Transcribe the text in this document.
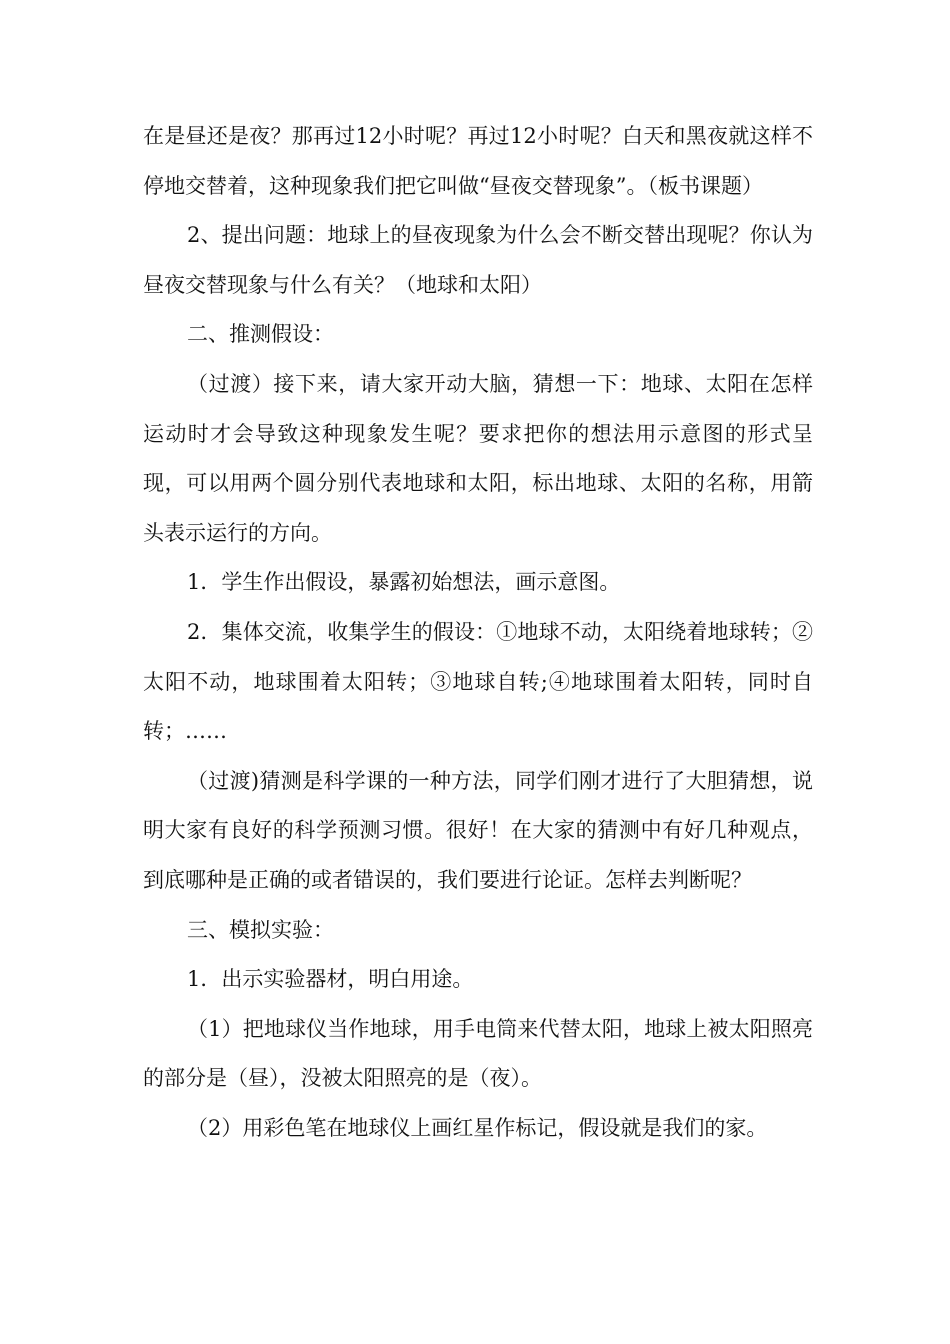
在是昼还是夜？那再过12小时呢？再过12小时呢？白天和黑夜就这样不停地交替着，这种现象我们把它叫做“昼夜交替现象”。（板书课题）

2、提出问题：地球上的昼夜现象为什么会不断交替出现呢？你认为昼夜交替现象与什么有关？（地球和太阳）

二、推测假设：

（过渡）接下来，请大家开动大脑，猜想一下：地球、太阳在怎样运动时才会导致这种现象发生呢？要求把你的想法用示意图的形式呈现，可以用两个圆分别代表地球和太阳，标出地球、太阳的名称，用箭头表示运行的方向。

1．学生作出假设，暴露初始想法，画示意图。

2．集体交流，收集学生的假设：①地球不动，太阳绕着地球转；②太阳不动，地球围着太阳转；③地球自转;④地球围着太阳转，同时自转；……

（过渡)猜测是科学课的一种方法，同学们刚才进行了大胆猜想，说明大家有良好的科学预测习惯。很好！在大家的猜测中有好几种观点，到底哪种是正确的或者错误的，我们要进行论证。怎样去判断呢？

三、模拟实验：

1．出示实验器材，明白用途。

（1）把地球仪当作地球，用手电筒来代替太阳，地球上被太阳照亮的部分是（昼），没被太阳照亮的是（夜）。

（2）用彩色笔在地球仪上画红星作标记，假设就是我们的家。
